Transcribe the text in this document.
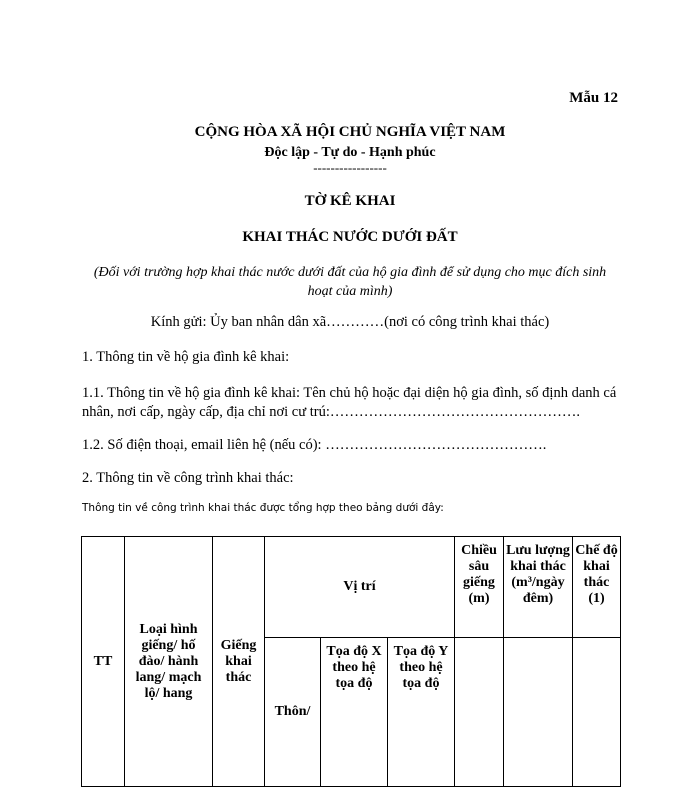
Mẫu 12
CỘNG HÒA XÃ HỘI CHỦ NGHĨA VIỆT NAM
Độc lập - Tự do - Hạnh phúc
-----------------
TỜ KÊ KHAI
KHAI THÁC NƯỚC DƯỚI ĐẤT
(Đối với trường hợp khai thác nước dưới đất của hộ gia đình để sử dụng cho mục đích sinh hoạt của mình)
Kính gửi: Ủy ban nhân dân xã…………(nơi có công trình khai thác)
1. Thông tin về hộ gia đình kê khai:
1.1. Thông tin về hộ gia đình kê khai: Tên chủ hộ hoặc đại diện hộ gia đình, số định danh cá nhân, nơi cấp, ngày cấp, địa chỉ nơi cư trú:…………………………………………….
1.2. Số điện thoại, email liên hệ (nếu có): ……………………………………….
2. Thông tin về công trình khai thác:
Thông tin về công trình khai thác được tổng hợp theo bảng dưới đây:
TT	Loại hình giếng/ hố đào/ hành lang/ mạch lộ/ hang	Giếng khai thác	Vị trí			Chiều sâu giếng (m)	Lưu lượng khai thác (m³/ngày đêm)	Chế độ khai thác (1)
			Thôn/	Tọa độ X theo hệ tọa độ	Tọa độ Y theo hệ tọa độ			
